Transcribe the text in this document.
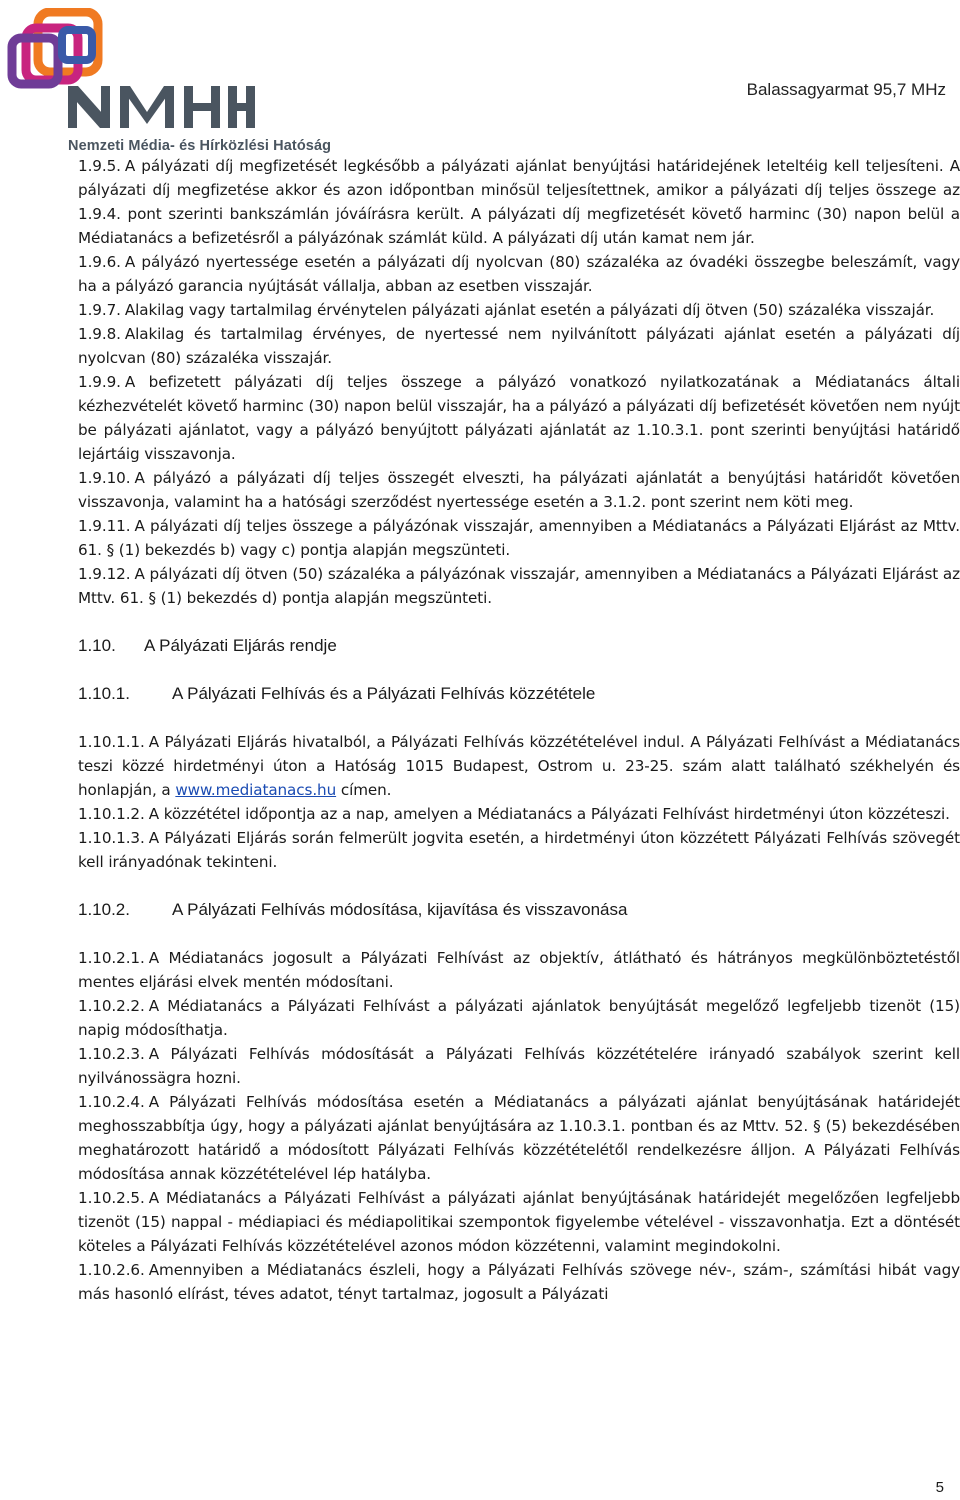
Nemzeti Média- és Hírközlési Hatóság
Balassagyarmat 95,7 MHz

1.9.5. A pályázati díj megfizetését legkésőbb a pályázati ajánlat benyújtási határidejének leteltéig kell teljesíteni. A pályázati díj megfizetése akkor és azon időpontban minősül teljesítettnek, amikor a pályázati díj teljes összege az 1.9.4. pont szerinti bankszámlán jóváírásra került. A pályázati díj megfizetését követő harminc (30) napon belül a Médiatanács a befizetésről a pályázónak számlát küld. A pályázati díj után kamat nem jár.

1.9.6. A pályázó nyertessége esetén a pályázati díj nyolcvan (80) százaléka az óvadéki összegbe beleszámít, vagy ha a pályázó garancia nyújtását vállalja, abban az esetben visszajár.

1.9.7. Alakilag vagy tartalmilag érvénytelen pályázati ajánlat esetén a pályázati díj ötven (50) százaléka visszajár.

1.9.8. Alakilag és tartalmilag érvényes, de nyertessé nem nyilvánított pályázati ajánlat esetén a pályázati díj nyolcvan (80) százaléka visszajár.

1.9.9. A befizetett pályázati díj teljes összege a pályázó vonatkozó nyilatkozatának a Médiatanács általi kézhezvételét követő harminc (30) napon belül visszajár, ha a pályázó a pályázati díj befizetését követően nem nyújt be pályázati ajánlatot, vagy a pályázó benyújtott pályázati ajánlatát az 1.10.3.1. pont szerinti benyújtási határidő lejártáig visszavonja.

1.9.10. A pályázó a pályázati díj teljes összegét elveszti, ha pályázati ajánlatát a benyújtási határidőt követően visszavonja, valamint ha a hatósági szerződést nyertessége esetén a 3.1.2. pont szerint nem köti meg.

1.9.11. A pályázati díj teljes összege a pályázónak visszajár, amennyiben a Médiatanács a Pályázati Eljárást az Mttv. 61. § (1) bekezdés b) vagy c) pontja alapján megszünteti.

1.9.12. A pályázati díj ötven (50) százaléka a pályázónak visszajár, amennyiben a Médiatanács a Pályázati Eljárást az Mttv. 61. § (1) bekezdés d) pontja alapján megszünteti.

1.10.	A Pályázati Eljárás rendje
1.10.1.	A Pályázati Felhívás és a Pályázati Felhívás közzététele

1.10.1.1. A Pályázati Eljárás hivatalból, a Pályázati Felhívás közzétételével indul. A Pályázati Felhívást a Médiatanács teszi közzé hirdetményi úton a Hatóság 1015 Budapest, Ostrom u. 23-25. szám alatt található székhelyén és honlapján, a www.mediatanacs.hu címen.

1.10.1.2. A közzététel időpontja az a nap, amelyen a Médiatanács a Pályázati Felhívást hirdetményi úton közzéteszi.

1.10.1.3. A Pályázati Eljárás során felmerült jogvita esetén, a hirdetményi úton közzétett Pályázati Felhívás szövegét kell irányadónak tekinteni.

1.10.2.	A Pályázati Felhívás módosítása, kijavítása és visszavonása

1.10.2.1. A Médiatanács jogosult a Pályázati Felhívást az objektív, átlátható és hátrányos megkülönböztetéstől mentes eljárási elvek mentén módosítani.

1.10.2.2. A Médiatanács a Pályázati Felhívást a pályázati ajánlatok benyújtását megelőző legfeljebb tizenöt (15) napig módosíthatja.

1.10.2.3. A Pályázati Felhívás módosítását a Pályázati Felhívás közzétételére irányadó szabályok szerint kell nyilvánossägra hozni.

1.10.2.4. A Pályázati Felhívás módosítása esetén a Médiatanács a pályázati ajánlat benyújtásának határidejét meghosszabbítja úgy, hogy a pályázati ajánlat benyújtására az 1.10.3.1. pontban és az Mttv. 52. § (5) bekezdésében meghatározott határidő a módosított Pályázati Felhívás közzétételétől rendelkezésre álljon. A Pályázati Felhívás módosítása annak közzétételével lép hatályba.

1.10.2.5. A Médiatanács a Pályázati Felhívást a pályázati ajánlat benyújtásának határidejét megelőzően legfeljebb tizenöt (15) nappal - médiapiaci és médiapolitikai szempontok figyelembe vételével - visszavonhatja. Ezt a döntését köteles a Pályázati Felhívás közzétételével azonos módon közzétenni, valamint megindokolni.

1.10.2.6. Amennyiben a Médiatanács észleli, hogy a Pályázati Felhívás szövege név-, szám-, számítási hibát vagy más hasonló elírást, téves adatot, tényt tartalmaz, jogosult a Pályázati

5
